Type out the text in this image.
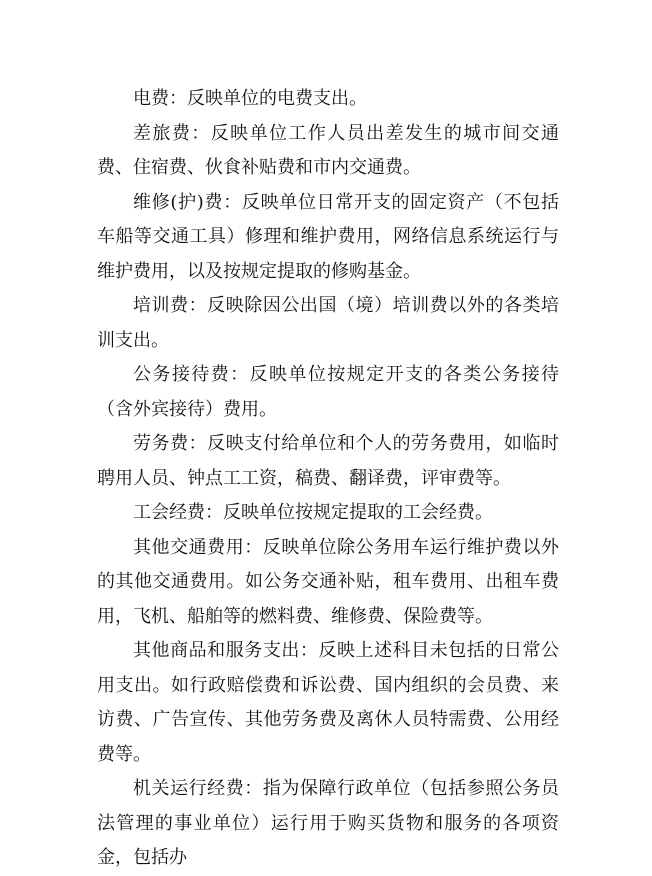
电费：反映单位的电费支出。

差旅费：反映单位工作人员出差发生的城市间交通费、住宿费、伙食补贴费和市内交通费。

维修(护)费：反映单位日常开支的固定资产（不包括车船等交通工具）修理和维护费用，网络信息系统运行与维护费用，以及按规定提取的修购基金。

培训费：反映除因公出国（境）培训费以外的各类培训支出。

公务接待费：反映单位按规定开支的各类公务接待（含外宾接待）费用。

劳务费：反映支付给单位和个人的劳务费用，如临时聘用人员、钟点工工资，稿费、翻译费，评审费等。

工会经费：反映单位按规定提取的工会经费。

其他交通费用：反映单位除公务用车运行维护费以外的其他交通费用。如公务交通补贴，租车费用、出租车费用，飞机、船舶等的燃料费、维修费、保险费等。

其他商品和服务支出：反映上述科目未包括的日常公用支出。如行政赔偿费和诉讼费、国内组织的会员费、来访费、广告宣传、其他劳务费及离休人员特需费、公用经费等。

机关运行经费：指为保障行政单位（包括参照公务员法管理的事业单位）运行用于购买货物和服务的各项资金，包括办
